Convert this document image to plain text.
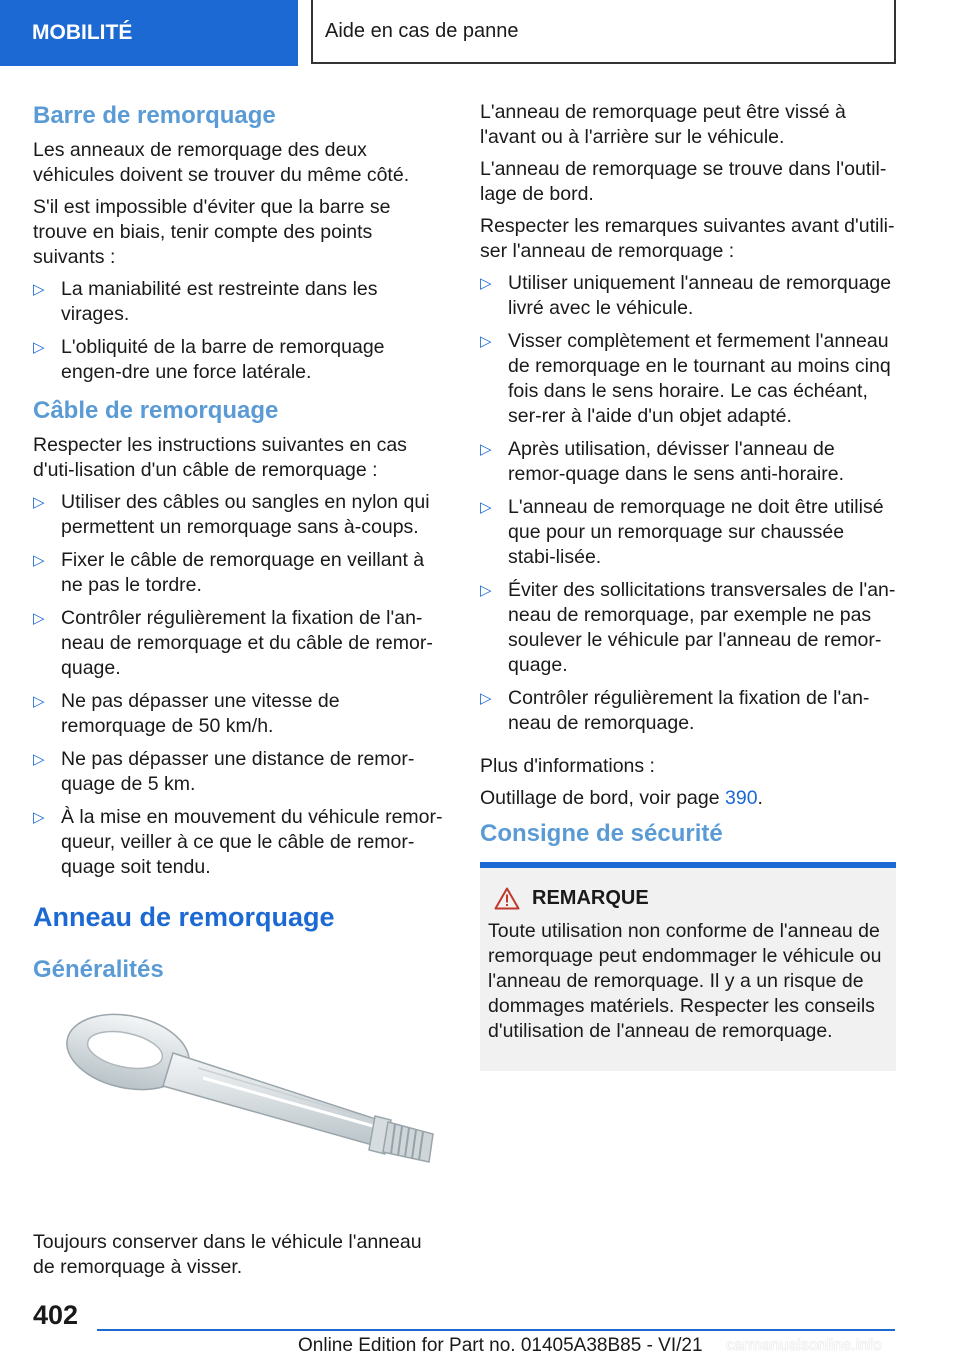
MOBILITÉ	Aide en cas de panne
Barre de remorquage

Les anneaux de remorquage des deux véhicules doivent se trouver du même côté.

S'il est impossible d'éviter que la barre se trouve en biais, tenir compte des points suivants :

▷ La maniabilité est restreinte dans les virages.
▷ L'obliquité de la barre de remorquage engen‐dre une force latérale.
Câble de remorquage

Respecter les instructions suivantes en cas d'uti‐lisation d'un câble de remorquage :

▷ Utiliser des câbles ou sangles en nylon qui permettent un remorquage sans à-coups.
▷ Fixer le câble de remorquage en veillant à ne pas le tordre.
▷ Contrôler régulièrement la fixation de l'an‐neau de remorquage et du câble de remor‐quage.
▷ Ne pas dépasser une vitesse de remorquage de 50 km/h.
▷ Ne pas dépasser une distance de remor‐quage de 5 km.
▷ À la mise en mouvement du véhicule remor‐queur, veiller à ce que le câble de remor‐quage soit tendu.
Anneau de remorquage
Généralités

Toujours conserver dans le véhicule l'anneau de remorquage à visser.

L'anneau de remorquage peut être vissé à l'avant ou à l'arrière sur le véhicule.

L'anneau de remorquage se trouve dans l'outil‐lage de bord.

Respecter les remarques suivantes avant d'utili‐ser l'anneau de remorquage :

▷ Utiliser uniquement l'anneau de remorquage livré avec le véhicule.
▷ Visser complètement et fermement l'anneau de remorquage en le tournant au moins cinq fois dans le sens horaire. Le cas échéant, ser‐rer à l'aide d'un objet adapté.
▷ Après utilisation, dévisser l'anneau de remor‐quage dans le sens anti-horaire.
▷ L'anneau de remorquage ne doit être utilisé que pour un remorquage sur chaussée stabi‐lisée.
▷ Éviter des sollicitations transversales de l'an‐neau de remorquage, par exemple ne pas soulever le véhicule par l'anneau de remor‐quage.
▷ Contrôler régulièrement la fixation de l'an‐neau de remorquage.

Plus d'informations :

Outillage de bord, voir page 390.

Consigne de sécurité
REMARQUE

Toute utilisation non conforme de l'anneau de remorquage peut endommager le véhicule ou l'anneau de remorquage. Il y a un risque de dommages matériels. Respecter les conseils d'utilisation de l'anneau de remorquage.

402
Online Edition for Part no. 01405A38B85 - VI/21 carmanualsonline.info
